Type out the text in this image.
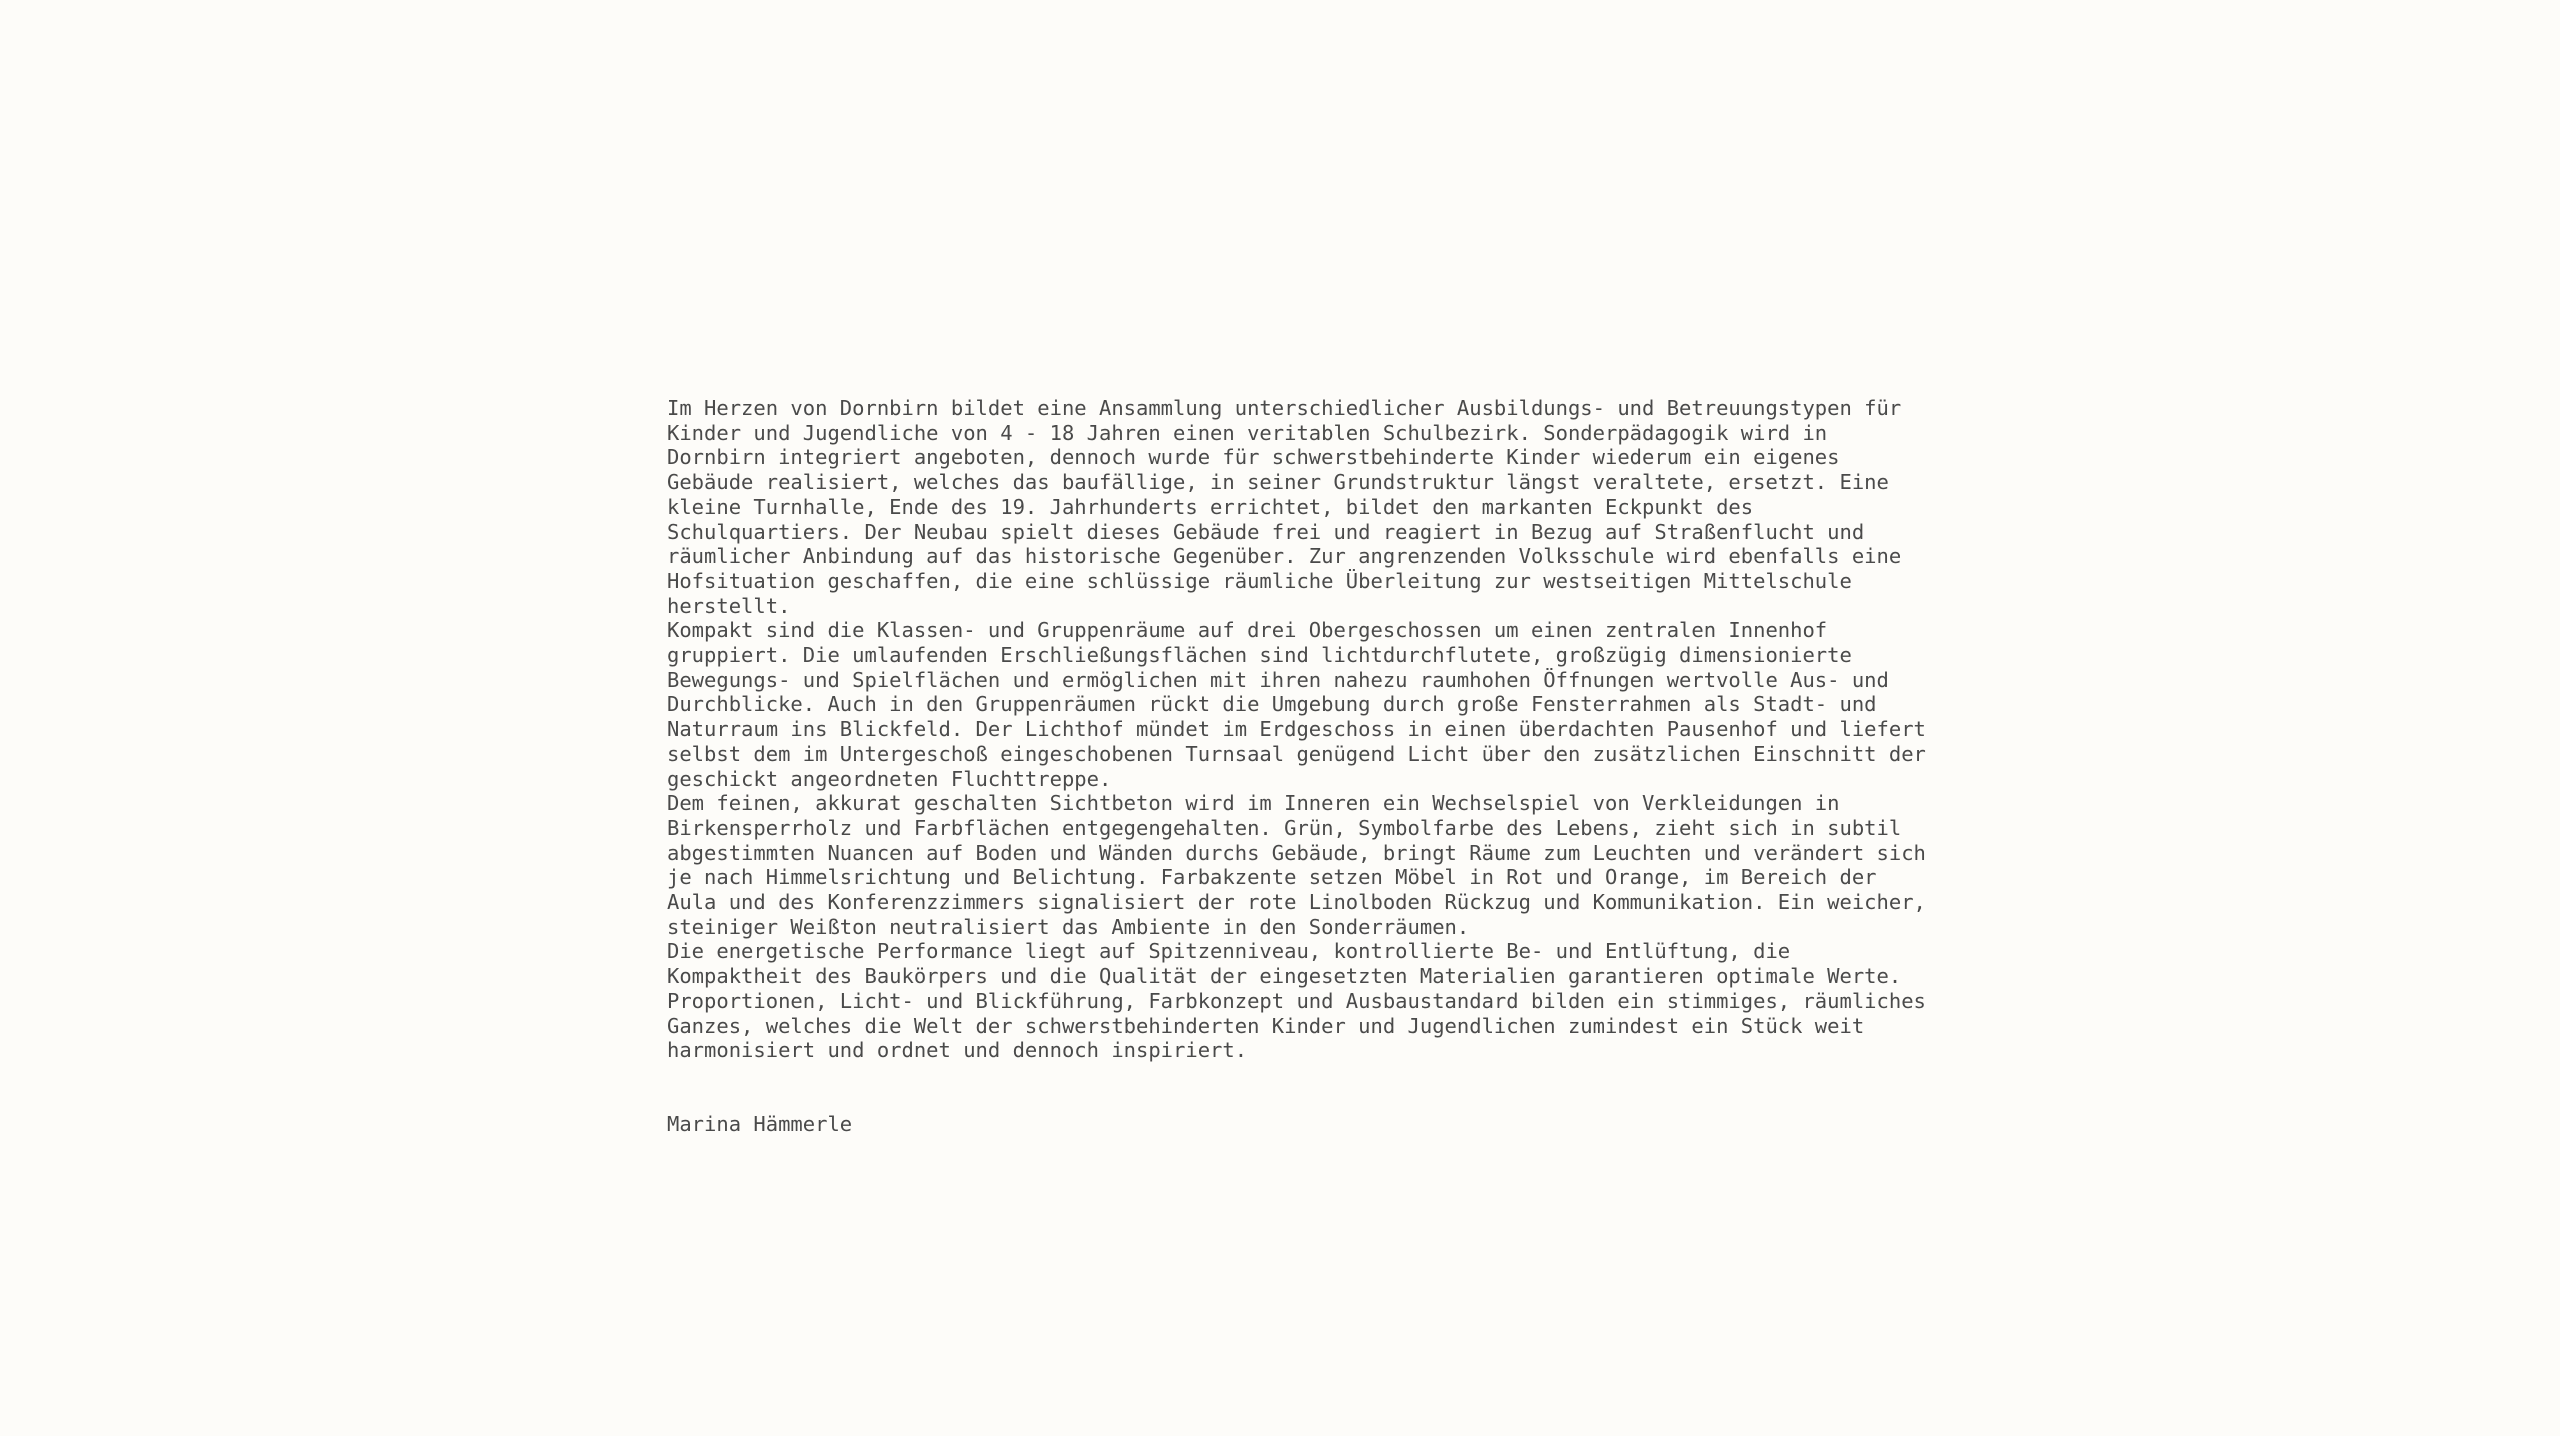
Im Herzen von Dornbirn bildet eine Ansammlung unterschiedlicher Ausbildungs- und Betreuungstypen für Kinder und Jugendliche von 4 - 18 Jahren einen veritablen Schulbezirk. Sonderpädagogik wird in Dornbirn integriert angeboten, dennoch wurde für schwerstbehinderte Kinder wiederum ein eigenes Gebäude realisiert, welches das baufällige, in seiner Grundstruktur längst veraltete, ersetzt. Eine kleine Turnhalle, Ende des 19. Jahrhunderts errichtet, bildet den markanten Eckpunkt des Schulquartiers. Der Neubau spielt dieses Gebäude frei und reagiert in Bezug auf Straßenflucht und räumlicher Anbindung auf das historische Gegenüber. Zur angrenzenden Volksschule wird ebenfalls eine Hofsituation geschaffen, die eine schlüssige räumliche Überleitung zur westseitigen Mittelschule herstellt.

Kompakt sind die Klassen- und Gruppenräume auf drei Obergeschossen um einen zentralen Innenhof gruppiert. Die umlaufenden Erschließungsflächen sind lichtdurchflutete, großzügig dimensionierte Bewegungs- und Spielflächen und ermöglichen mit ihren nahezu raumhohen Öffnungen wertvolle Aus- und Durchblicke. Auch in den Gruppenräumen rückt die Umgebung durch große Fensterrahmen als Stadt- und Naturraum ins Blickfeld. Der Lichthof mündet im Erdgeschoss in einen überdachten Pausenhof und liefert selbst dem im Untergeschoß eingeschobenen Turnsaal genügend Licht über den zusätzlichen Einschnitt der geschickt angeordneten Fluchttreppe.

Dem feinen, akkurat geschalten Sichtbeton wird im Inneren ein Wechselspiel von Verkleidungen in Birkensperrholz und Farbflächen entgegengehalten. Grün, Symbolfarbe des Lebens, zieht sich in subtil abgestimmten Nuancen auf Boden und Wänden durchs Gebäude, bringt Räume zum Leuchten und verändert sich je nach Himmelsrichtung und Belichtung. Farbakzente setzen Möbel in Rot und Orange, im Bereich der Aula und des Konferenzzimmers signalisiert der rote Linolboden Rückzug und Kommunikation. Ein weicher, steiniger Weißton neutralisiert das Ambiente in den Sonderräumen.

Die energetische Performance liegt auf Spitzenniveau, kontrollierte Be- und Entlüftung, die Kompaktheit des Baukörpers und die Qualität der eingesetzten Materialien garantieren optimale Werte. Proportionen, Licht- und Blickführung, Farbkonzept und Ausbaustandard bilden ein stimmiges, räumliches Ganzes, welches die Welt der schwerstbehinderten Kinder und Jugendlichen zumindest ein Stück weit harmonisiert und ordnet und dennoch inspiriert.

Marina Hämmerle
